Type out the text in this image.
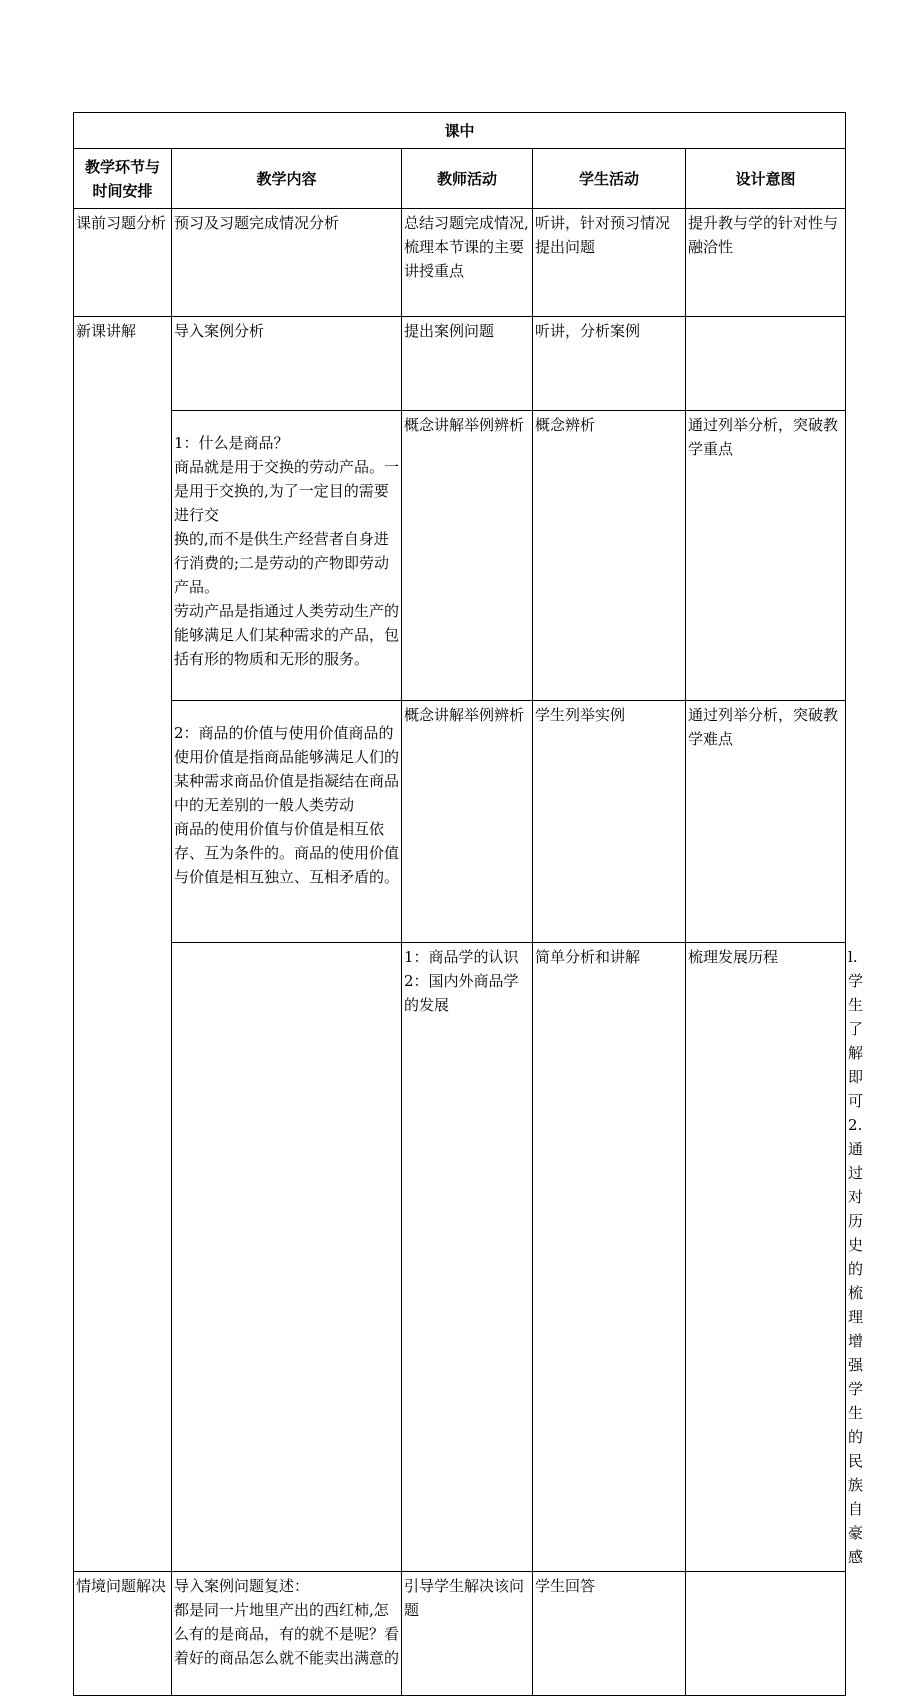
课中					

教学环节与
时间安排	教学内容	教师活动	学生活动	设计意图	
课前习题分析	预习及习题完成情况分析	总结习题完成情况,梳理本节课的主要讲授重点	听讲，针对预习情况提出问题	提升教与学的针对性与融洽性	

新课讲解	导入案例分析	提出案例问题	听讲，分析案例		

	1：什么是商品？
商品就是用于交换的劳动产品。一是用于交换的,为了一定目的需要进行交
换的,而不是供生产经营者自身进行消费的;二是劳动的产物即劳动产品。
劳动产品是指通过人类劳动生产的能够满足人们某种需求的产品，包括有形的物质和无形的服务。	概念讲解举例辨析	概念辨析	通过列举分析，突破教学重点	

	2：商品的价值与使用价值商品的使用价值是指商品能够满足人们的某种需求商品价值是指凝结在商品中的无差别的一般人类劳动
商品的使用价值与价值是相互依存、互为条件的。商品的使用价值与价值是相互独立、互相矛盾的。	概念讲解举例辨析	学生列举实例	通过列举分析，突破教学难点	

		1：商品学的认识
2：国内外商品学的发展	简单分析和讲解	梳理发展历程	l.学生了解即可
2.通过对历史的梳理增强学生的民族自豪感

情境问题解决	导入案例问题复述：
都是同一片地里产出的西红柿,怎么有的是商品，有的就不是呢？看着好的商品怎么就不能卖出满意的	引导学生解决该问题	学生回答		
